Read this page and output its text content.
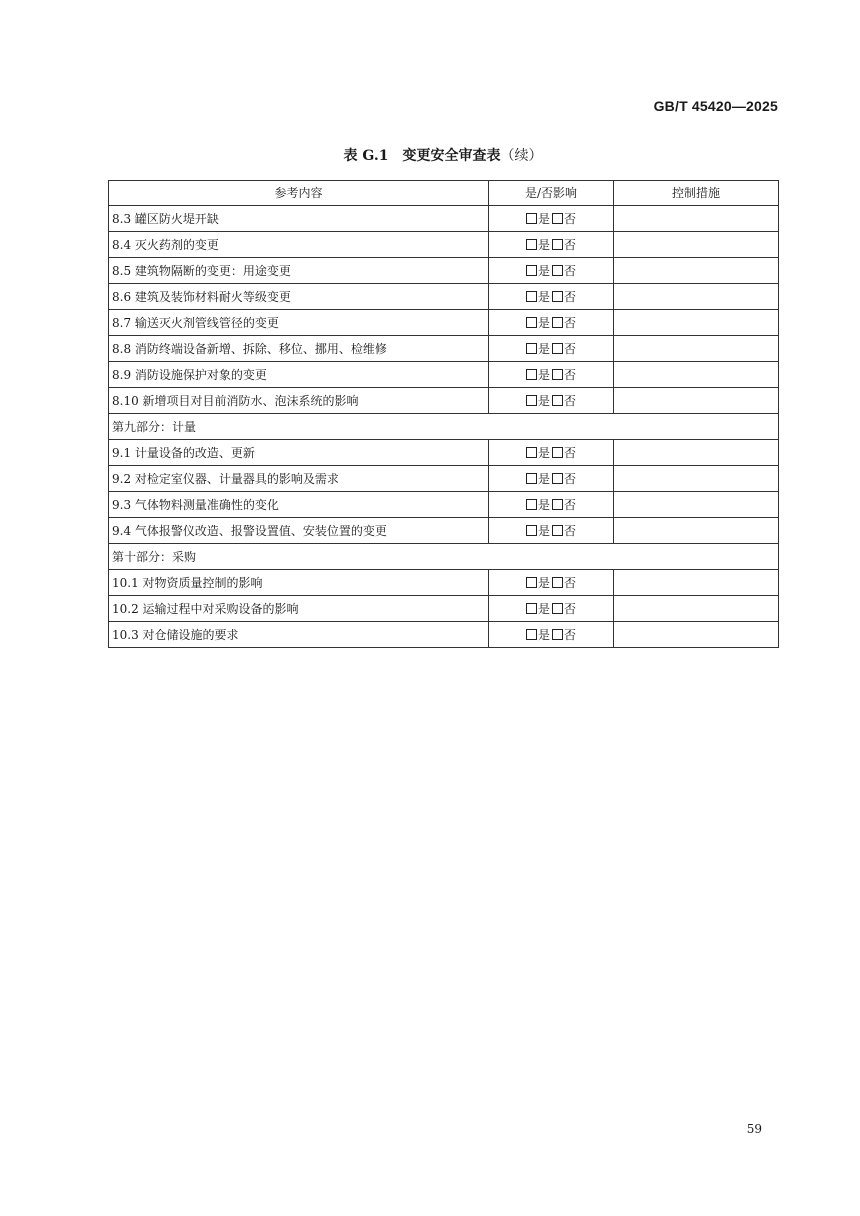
GB/T 45420—2025
表 G.1 变更安全审查表（续）
参考内容	是/否影响	控制措施
8.3 罐区防火堤开缺	是 否	
8.4 灭火药剂的变更	是 否	
8.5 建筑物隔断的变更：用途变更	是 否	
8.6 建筑及装饰材料耐火等级变更	是 否	
8.7 输送灭火剂管线管径的变更	是 否	
8.8 消防终端设备新增、拆除、移位、挪用、检维修	是 否	
8.9 消防设施保护对象的变更	是 否	
8.10 新增项目对目前消防水、泡沫系统的影响	是 否	
第九部分：计量		
9.1 计量设备的改造、更新	是 否	
9.2 对检定室仪器、计量器具的影响及需求	是 否	
9.3 气体物料测量准确性的变化	是 否	
9.4 气体报警仪改造、报警设置值、安装位置的变更	是 否	
第十部分：采购		
10.1 对物资质量控制的影响	是 否	
10.2 运输过程中对采购设备的影响	是 否	
10.3 对仓储设施的要求	是 否	
59
